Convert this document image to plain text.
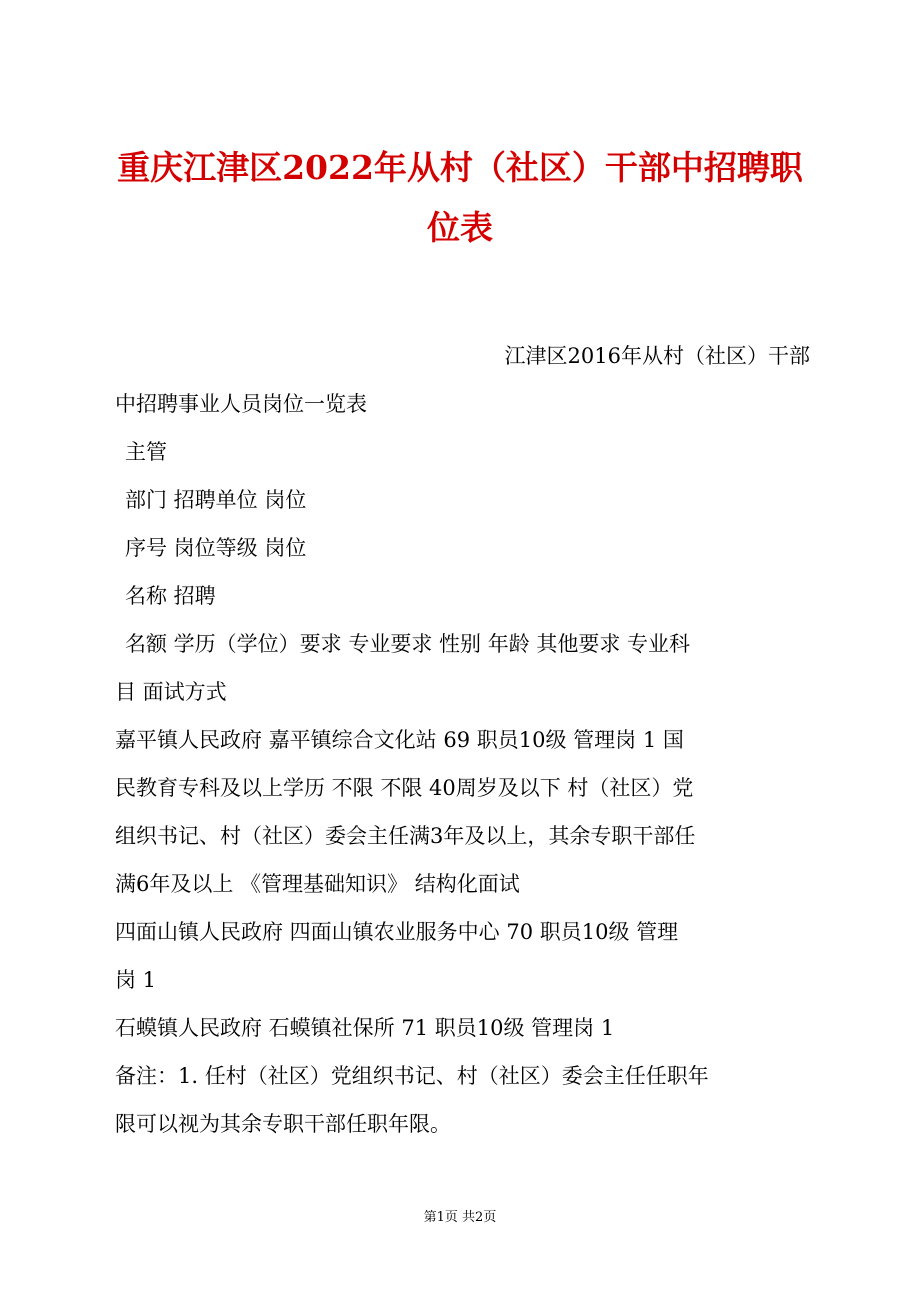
重庆江津区2022年从村（社区）干部中招聘职
位表
江津区2016年从村（社区）干部
中招聘事业人员岗位一览表
主管
部门 招聘单位 岗位
序号 岗位等级 岗位
名称 招聘
名额 学历（学位）要求 专业要求 性别 年龄 其他要求 专业科
目 面试方式
嘉平镇人民政府 嘉平镇综合文化站 69 职员10级 管理岗 1 国
民教育专科及以上学历 不限 不限 40周岁及以下 村（社区）党
组织书记、村（社区）委会主任满3年及以上，其余专职干部任
满6年及以上 《管理基础知识》 结构化面试
四面山镇人民政府 四面山镇农业服务中心 70 职员10级 管理
岗 1
石蟆镇人民政府 石蟆镇社保所 71 职员10级 管理岗 1
备注：1. 任村（社区）党组织书记、村（社区）委会主任任职年
限可以视为其余专职干部任职年限。
第1页 共2页
